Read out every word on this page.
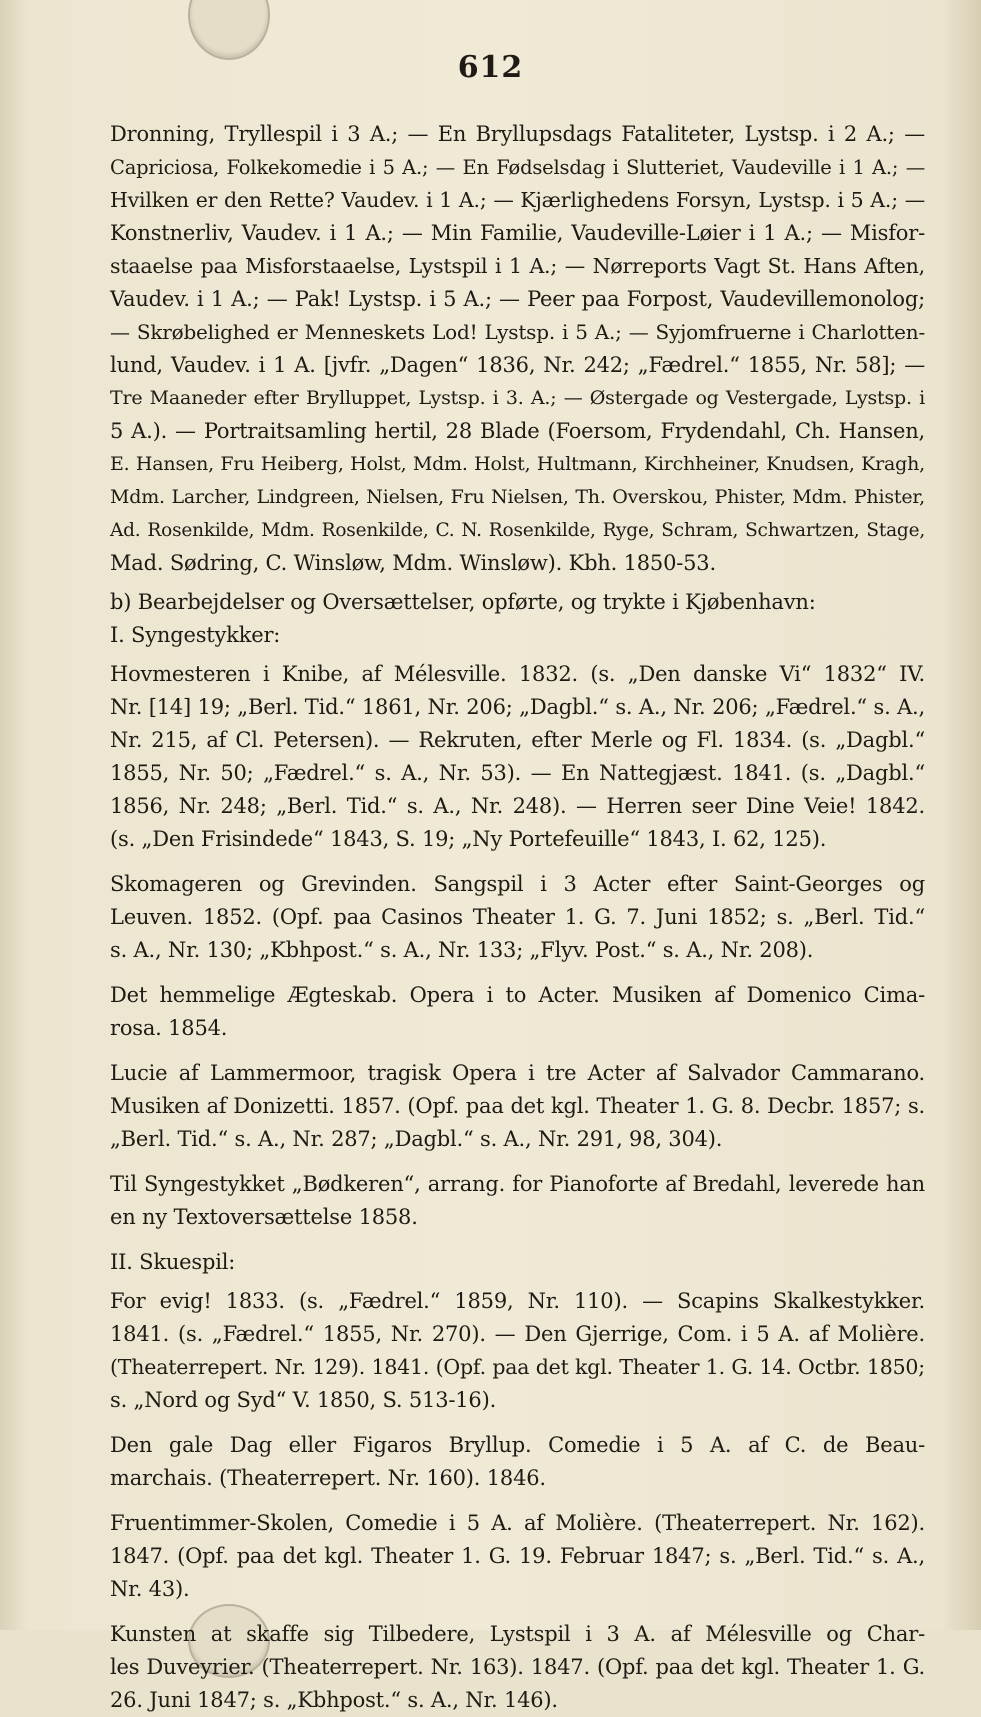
612
Dronning, Tryllespil i 3 A.; — En Bryllupsdags Fataliteter, Lystsp. i 2 A.; —
Capriciosa, Folkekomedie i 5 A.; — En Fødselsdag i Slutteriet, Vaudeville i 1 A.; —
Hvilken er den Rette? Vaudev. i 1 A.; — Kjærlighedens Forsyn, Lystsp. i 5 A.; —
Konstnerliv, Vaudev. i 1 A.; — Min Familie, Vaudeville-Løier i 1 A.; — Misfor-
staaelse paa Misforstaaelse, Lystspil i 1 A.; — Nørreports Vagt St. Hans Aften,
Vaudev. i 1 A.; — Pak! Lystsp. i 5 A.; — Peer paa Forpost, Vaudevillemonolog;
— Skrøbelighed er Menneskets Lod! Lystsp. i 5 A.; — Syjomfruerne i Charlotten-
lund, Vaudev. i 1 A. [jvfr. „Dagen“ 1836, Nr. 242; „Fædrel.“ 1855, Nr. 58]; —
Tre Maaneder efter Brylluppet, Lystsp. i 3. A.; — Østergade og Vestergade, Lystsp. i
5 A.). — Portraitsamling hertil, 28 Blade (Foersom, Frydendahl, Ch. Hansen,
E. Hansen, Fru Heiberg, Holst, Mdm. Holst, Hultmann, Kirchheiner, Knudsen, Kragh,
Mdm. Larcher, Lindgreen, Nielsen, Fru Nielsen, Th. Overskou, Phister, Mdm. Phister,
Ad. Rosenkilde, Mdm. Rosenkilde, C. N. Rosenkilde, Ryge, Schram, Schwartzen, Stage,
Mad. Sødring, C. Winsløw, Mdm. Winsløw). Kbh. 1850-53.
b) Bearbejdelser og Oversættelser, opførte, og trykte i Kjøbenhavn:
I. Syngestykker:
Hovmesteren i Knibe, af Mélesville. 1832. (s. „Den danske Vi“ 1832“ IV.
Nr. [14] 19; „Berl. Tid.“ 1861, Nr. 206; „Dagbl.“ s. A., Nr. 206; „Fædrel.“ s. A.,
Nr. 215, af Cl. Petersen). — Rekruten, efter Merle og Fl. 1834. (s. „Dagbl.“
1855, Nr. 50; „Fædrel.“ s. A., Nr. 53). — En Nattegjæst. 1841. (s. „Dagbl.“
1856, Nr. 248; „Berl. Tid.“ s. A., Nr. 248). — Herren seer Dine Veie! 1842.
(s. „Den Frisindede“ 1843, S. 19; „Ny Portefeuille“ 1843, I. 62, 125).
Skomageren og Grevinden. Sangspil i 3 Acter efter Saint-Georges og
Leuven. 1852. (Opf. paa Casinos Theater 1. G. 7. Juni 1852; s. „Berl. Tid.“
s. A., Nr. 130; „Kbhpost.“ s. A., Nr. 133; „Flyv. Post.“ s. A., Nr. 208).
Det hemmelige Ægteskab. Opera i to Acter. Musiken af Domenico Cima-
rosa. 1854.
Lucie af Lammermoor, tragisk Opera i tre Acter af Salvador Cammarano.
Musiken af Donizetti. 1857. (Opf. paa det kgl. Theater 1. G. 8. Decbr. 1857; s.
„Berl. Tid.“ s. A., Nr. 287; „Dagbl.“ s. A., Nr. 291, 98, 304).
Til Syngestykket „Bødkeren“, arrang. for Pianoforte af Bredahl, leverede han
en ny Textoversættelse 1858.
II. Skuespil:
For evig! 1833. (s. „Fædrel.“ 1859, Nr. 110). — Scapins Skalkestykker.
1841. (s. „Fædrel.“ 1855, Nr. 270). — Den Gjerrige, Com. i 5 A. af Molière.
(Theaterrepert. Nr. 129). 1841. (Opf. paa det kgl. Theater 1. G. 14. Octbr. 1850;
s. „Nord og Syd“ V. 1850, S. 513-16).
Den gale Dag eller Figaros Bryllup. Comedie i 5 A. af C. de Beau-
marchais. (Theaterrepert. Nr. 160). 1846.
Fruentimmer-Skolen, Comedie i 5 A. af Molière. (Theaterrepert. Nr. 162).
1847. (Opf. paa det kgl. Theater 1. G. 19. Februar 1847; s. „Berl. Tid.“ s. A.,
Nr. 43).
Kunsten at skaffe sig Tilbedere, Lystspil i 3 A. af Mélesville og Char-
les Duveyrier. (Theaterrepert. Nr. 163). 1847. (Opf. paa det kgl. Theater 1. G.
26. Juni 1847; s. „Kbhpost.“ s. A., Nr. 146).
